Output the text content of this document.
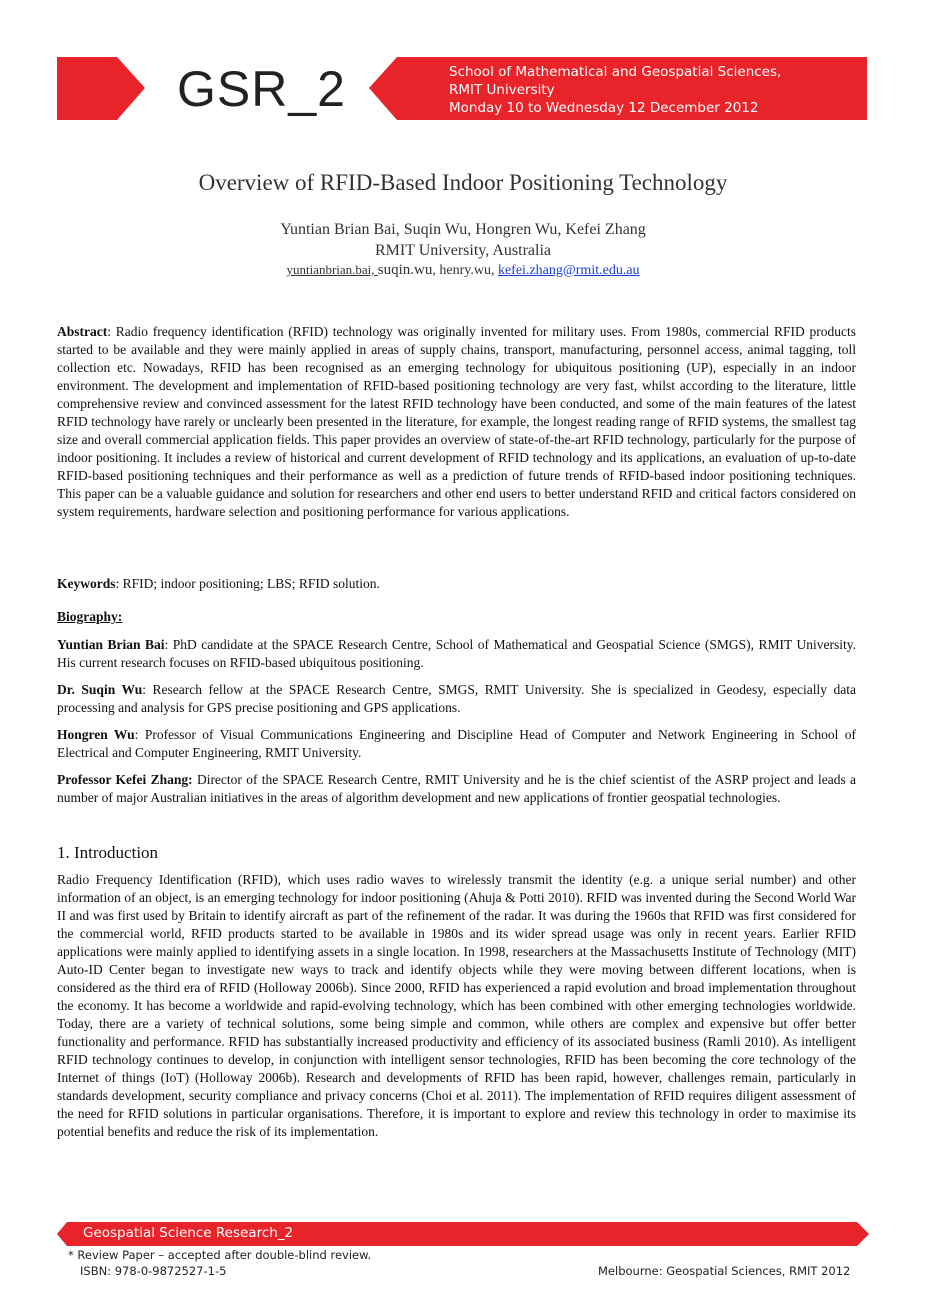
GSR_2	School of Mathematical and Geospatial Sciences,
RMIT University
Monday 10 to Wednesday 12 December 2012
Overview of RFID-Based Indoor Positioning Technology
Yuntian Brian Bai, Suqin Wu, Hongren Wu, Kefei Zhang
RMIT University, Australia
yuntianbrian.bai, suqin.wu, henry.wu, kefei.zhang@rmit.edu.au
Abstract: Radio frequency identification (RFID) technology was originally invented for military uses. From 1980s, commercial RFID products started to be available and they were mainly applied in areas of supply chains, transport, manufacturing, personnel access, animal tagging, toll collection etc. Nowadays, RFID has been recognised as an emerging technology for ubiquitous positioning (UP), especially in an indoor environment. The development and implementation of RFID-based positioning technology are very fast, whilst according to the literature, little comprehensive review and convinced assessment for the latest RFID technology have been conducted, and some of the main features of the latest RFID technology have rarely or unclearly been presented in the literature, for example, the longest reading range of RFID systems, the smallest tag size and overall commercial application fields. This paper provides an overview of state-of-the-art RFID technology, particularly for the purpose of indoor positioning. It includes a review of historical and current development of RFID technology and its applications, an evaluation of up-to-date RFID-based positioning techniques and their performance as well as a prediction of future trends of RFID-based indoor positioning techniques. This paper can be a valuable guidance and solution for researchers and other end users to better understand RFID and critical factors considered on system requirements, hardware selection and positioning performance for various applications.
Keywords: RFID; indoor positioning; LBS; RFID solution.
Biography:
Yuntian Brian Bai: PhD candidate at the SPACE Research Centre, School of Mathematical and Geospatial Science (SMGS), RMIT University. His current research focuses on RFID-based ubiquitous positioning.
Dr. Suqin Wu: Research fellow at the SPACE Research Centre, SMGS, RMIT University. She is specialized in Geodesy, especially data processing and analysis for GPS precise positioning and GPS applications.
Hongren Wu: Professor of Visual Communications Engineering and Discipline Head of Computer and Network Engineering in School of Electrical and Computer Engineering, RMIT University.
Professor Kefei Zhang: Director of the SPACE Research Centre, RMIT University and he is the chief scientist of the ASRP project and leads a number of major Australian initiatives in the areas of algorithm development and new applications of frontier geospatial technologies.
1. Introduction
Radio Frequency Identification (RFID), which uses radio waves to wirelessly transmit the identity (e.g. a unique serial number) and other information of an object, is an emerging technology for indoor positioning (Ahuja & Potti 2010). RFID was invented during the Second World War II and was first used by Britain to identify aircraft as part of the refinement of the radar. It was during the 1960s that RFID was first considered for the commercial world, RFID products started to be available in 1980s and its wider spread usage was only in recent years. Earlier RFID applications were mainly applied to identifying assets in a single location. In 1998, researchers at the Massachusetts Institute of Technology (MIT) Auto-ID Center began to investigate new ways to track and identify objects while they were moving between different locations, when is considered as the third era of RFID (Holloway 2006b). Since 2000, RFID has experienced a rapid evolution and broad implementation throughout the economy. It has become a worldwide and rapid-evolving technology, which has been combined with other emerging technologies worldwide. Today, there are a variety of technical solutions, some being simple and common, while others are complex and expensive but offer better functionality and performance. RFID has substantially increased productivity and efficiency of its associated business (Ramli 2010). As intelligent RFID technology continues to develop, in conjunction with intelligent sensor technologies, RFID has been becoming the core technology of the Internet of things (IoT) (Holloway 2006b). Research and developments of RFID has been rapid, however, challenges remain, particularly in standards development, security compliance and privacy concerns (Choi et al. 2011). The implementation of RFID requires diligent assessment of the need for RFID solutions in particular organisations. Therefore, it is important to explore and review this technology in order to maximise its potential benefits and reduce the risk of its implementation.
Geospatial Science Research_2
* Review Paper – accepted after double-blind review.
ISBN: 978-0-9872527-1-5	Melbourne: Geospatial Sciences, RMIT 2012
